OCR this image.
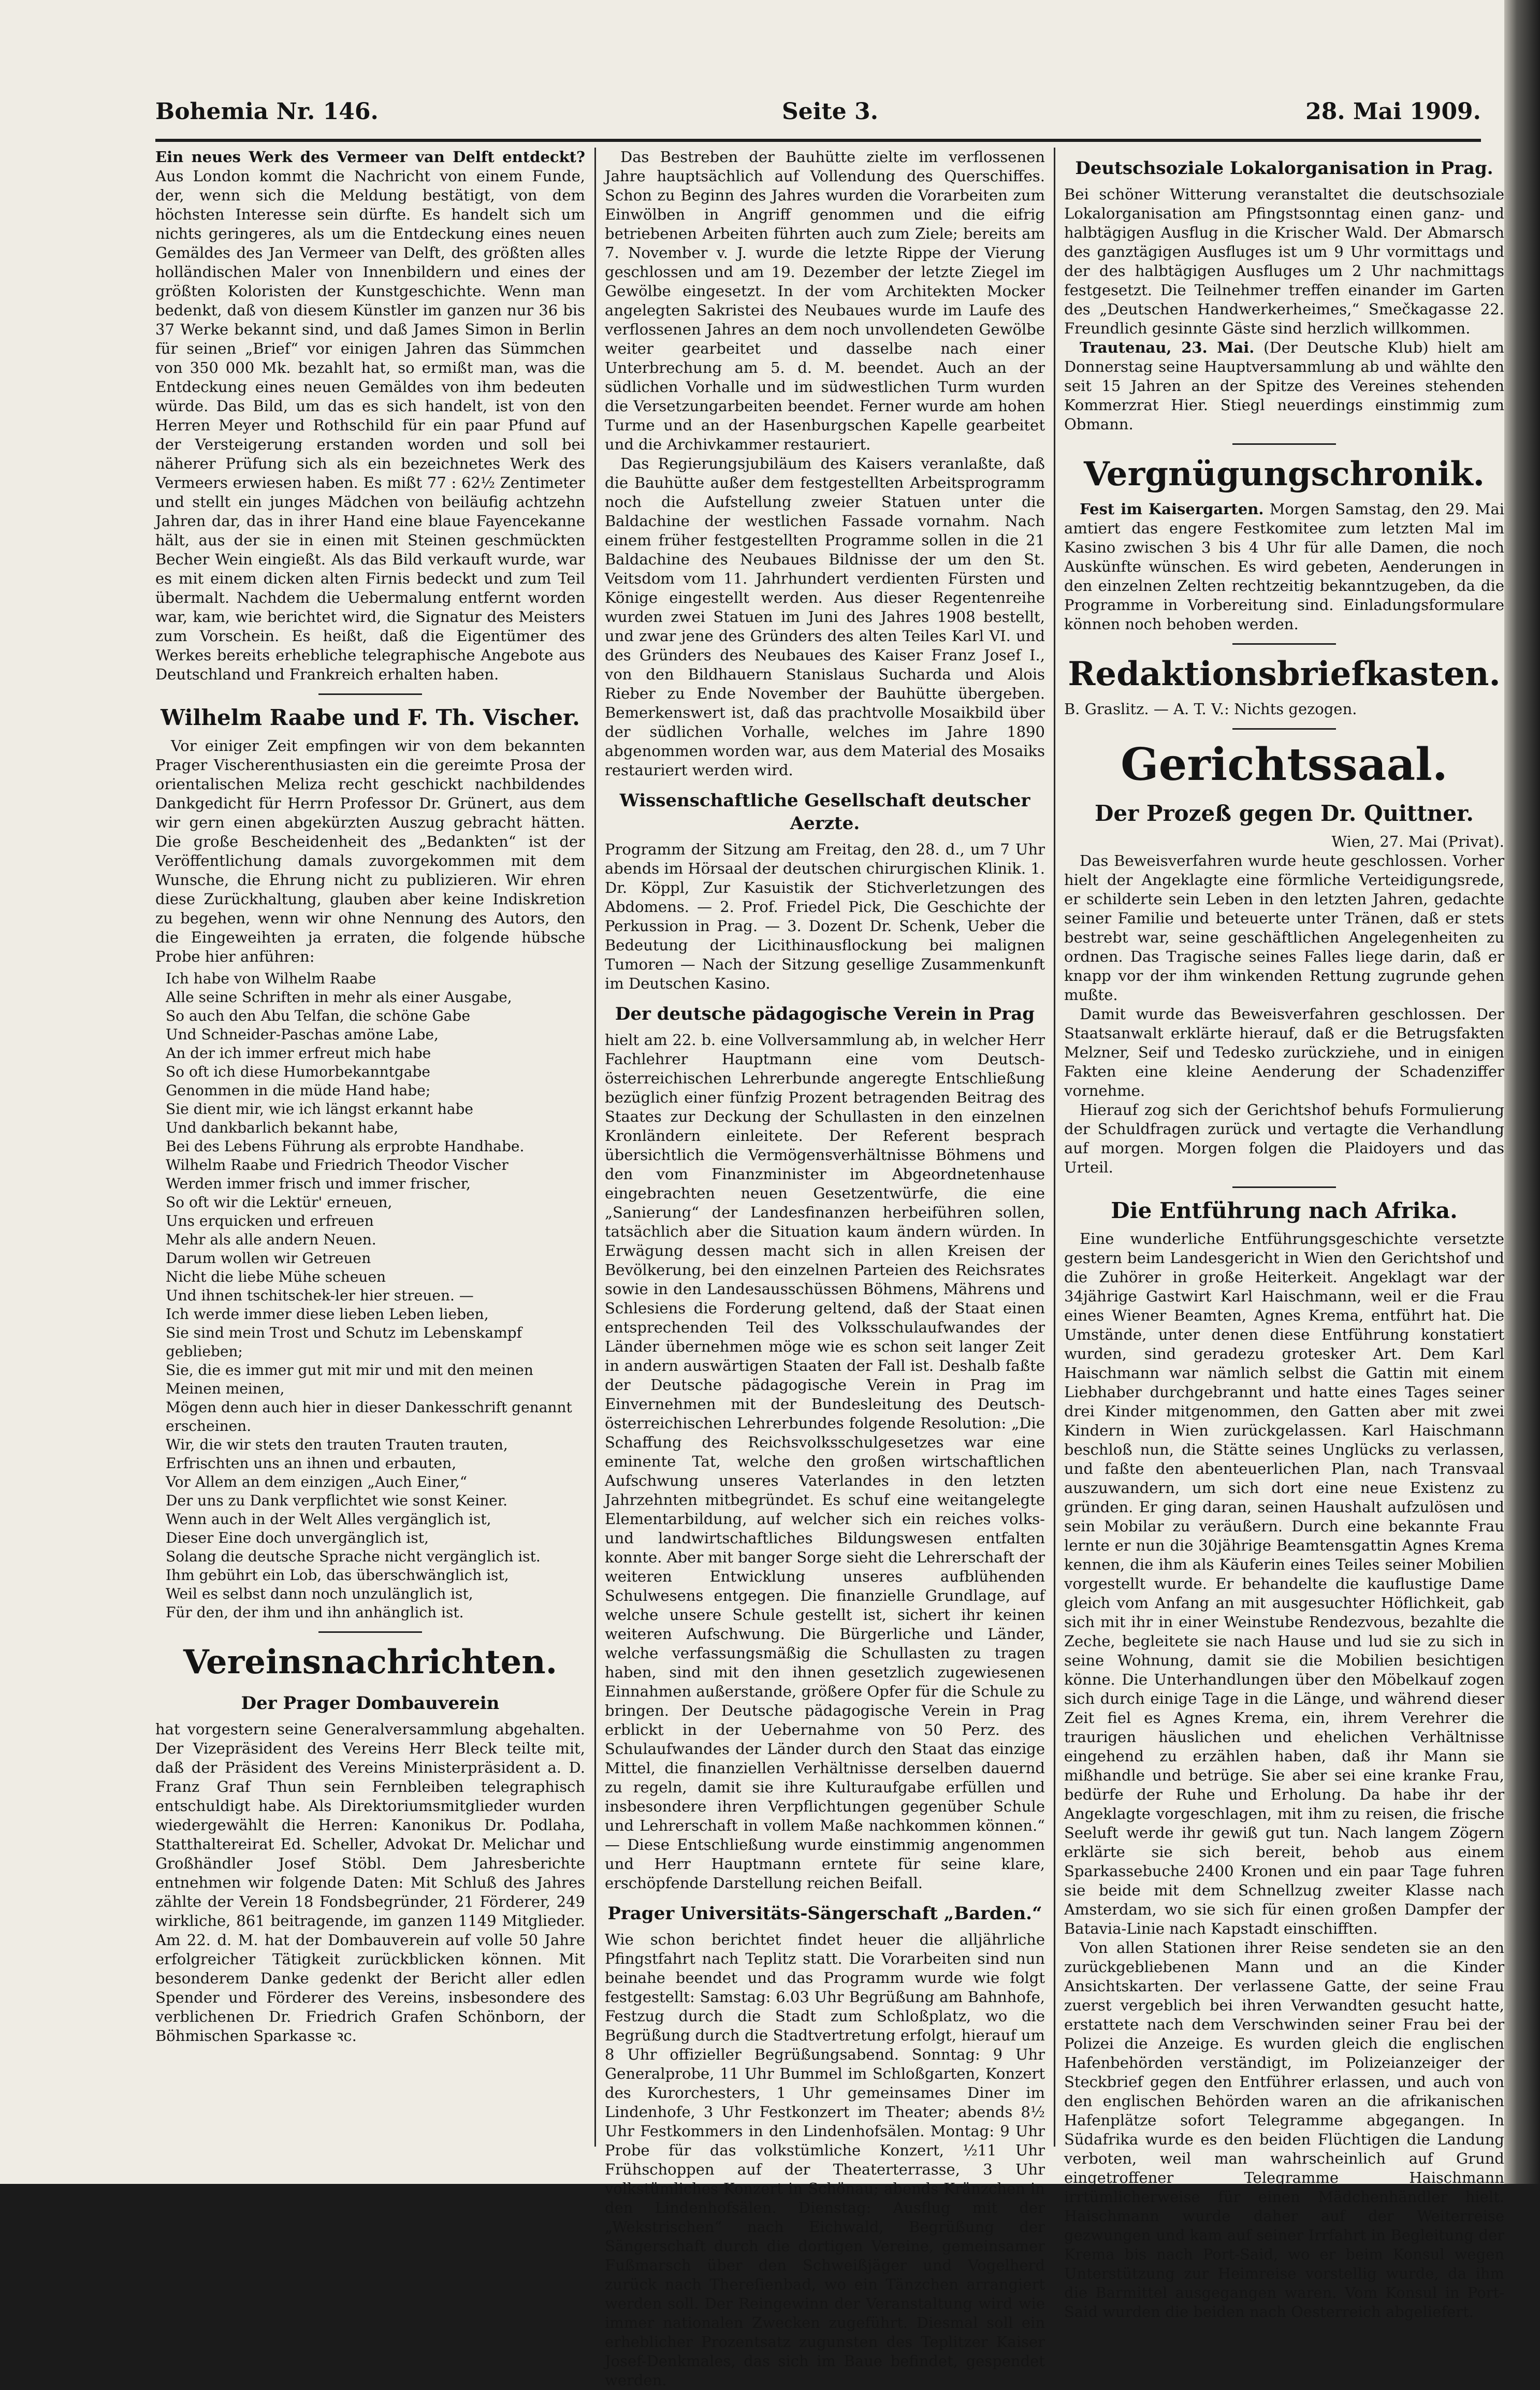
Bohemia Nr. 146.	Seite 3.	28. Mai 1909.

Ein neues Werk des Vermeer van Delft entdeckt? Aus London kommt die Nachricht von einem Funde, der, wenn sich die Meldung bestätigt, von dem höchsten Interesse sein dürfte. Es handelt sich um nichts geringeres, als um die Entdeckung eines neuen Gemäldes des Jan Vermeer van Delft, des größten alles holländischen Maler von Innenbildern und eines der größten Koloristen der Kunstgeschichte. Wenn man bedenkt, daß von diesem Künstler im ganzen nur 36 bis 37 Werke bekannt sind, und daß James Simon in Berlin für seinen „Brief“ vor einigen Jahren das Sümmchen von 350 000 Mk. bezahlt hat, so ermißt man, was die Entdeckung eines neuen Gemäldes von ihm bedeuten würde. Das Bild, um das es sich handelt, ist von den Herren Meyer und Rothschild für ein paar Pfund auf der Versteigerung erstanden worden und soll bei näherer Prüfung sich als ein bezeichnetes Werk des Vermeers erwiesen haben. Es mißt 77 : 62½ Zentimeter und stellt ein junges Mädchen von beiläufig achtzehn Jahren dar, das in ihrer Hand eine blaue Fayencekanne hält, aus der sie in einen mit Steinen geschmückten Becher Wein eingießt. Als das Bild verkauft wurde, war es mit einem dicken alten Firnis bedeckt und zum Teil übermalt. Nachdem die Uebermalung entfernt worden war, kam, wie berichtet wird, die Signatur des Meisters zum Vorschein. Es heißt, daß die Eigentümer des Werkes bereits erhebliche telegraphische Angebote aus Deutschland und Frankreich erhalten haben.

Wilhelm Raabe und F. Th. Vischer.

Vor einiger Zeit empfingen wir von dem bekannten Prager Vischerenthusiasten ein die gereimte Prosa der orientalischen Meliza recht geschickt nachbildendes Dankgedicht für Herrn Professor Dr. Grünert, aus dem wir gern einen abgekürzten Auszug gebracht hätten. Die große Bescheidenheit des „Bedankten“ ist der Veröffentlichung damals zuvorgekommen mit dem Wunsche, die Ehrung nicht zu publizieren. Wir ehren diese Zurückhaltung, glauben aber keine Indiskretion zu begehen, wenn wir ohne Nennung des Autors, den die Eingeweihten ja erraten, die folgende hübsche Probe hier anführen:

Ich habe von Wilhelm Raabe
Alle seine Schriften in mehr als einer Ausgabe,
So auch den Abu Telfan, die schöne Gabe
Und Schneider-Paschas amöne Labe,
An der ich immer erfreut mich habe
So oft ich diese Humorbekanntgabe
Genommen in die müde Hand habe;
Sie dient mir, wie ich längst erkannt habe
Und dankbarlich bekannt habe,
Bei des Lebens Führung als erprobte Handhabe.
Wilhelm Raabe und Friedrich Theodor Vischer
Werden immer frisch und immer frischer,
So oft wir die Lektür' erneuen,
Uns erquicken und erfreuen
Mehr als alle andern Neuen.
Darum wollen wir Getreuen
Nicht die liebe Mühe scheuen
Und ihnen tschitschek-ler hier streuen. —
Ich werde immer diese lieben Leben lieben,
Sie sind mein Trost und Schutz im Lebenskampf
geblieben;
Sie, die es immer gut mit mir und mit den meinen
Meinen meinen,
Mögen denn auch hier in dieser Dankesschrift genannt
erscheinen.
Wir, die wir stets den trauten Trauten trauten,
Erfrischten uns an ihnen und erbauten,
Vor Allem an dem einzigen „Auch Einer,“
Der uns zu Dank verpflichtet wie sonst Keiner.
Wenn auch in der Welt Alles vergänglich ist,
Dieser Eine doch unvergänglich ist,
Solang die deutsche Sprache nicht vergänglich ist.
Ihm gebührt ein Lob, das überschwänglich ist,
Weil es selbst dann noch unzulänglich ist,
Für den, der ihm und ihn anhänglich ist.
Vereinsnachrichten.
Der Prager Dombauverein

hat vorgestern seine Generalversammlung abgehalten. Der Vizepräsident des Vereins Herr Bleck teilte mit, daß der Präsident des Vereins Ministerpräsident a. D. Franz Graf Thun sein Fernbleiben telegraphisch entschuldigt habe. Als Direktoriumsmitglieder wurden wiedergewählt die Herren: Kanonikus Dr. Podlaha, Statthaltereirat Ed. Scheller, Advokat Dr. Melichar und Großhändler Josef Stöbl. Dem Jahresberichte entnehmen wir folgende Daten: Mit Schluß des Jahres zählte der Verein 18 Fondsbegründer, 21 Förderer, 249 wirkliche, 861 beitragende, im ganzen 1149 Mitglieder. Am 22. d. M. hat der Dombauverein auf volle 50 Jahre erfolgreicher Tätigkeit zurückblicken können. Mit besonderem Danke gedenkt der Bericht aller edlen Spender und Förderer des Vereins, insbesondere des verblichenen Dr. Friedrich Grafen Schönborn, der Böhmischen Sparkasse ꝛc.

Das Bestreben der Bauhütte zielte im verflossenen Jahre hauptsächlich auf Vollendung des Querschiffes. Schon zu Beginn des Jahres wurden die Vorarbeiten zum Einwölben in Angriff genommen und die eifrig betriebenen Arbeiten führten auch zum Ziele; bereits am 7. November v. J. wurde die letzte Rippe der Vierung geschlossen und am 19. Dezember der letzte Ziegel im Gewölbe eingesetzt. In der vom Architekten Mocker angelegten Sakristei des Neubaues wurde im Laufe des verflossenen Jahres an dem noch unvollendeten Gewölbe weiter gearbeitet und dasselbe nach einer Unterbrechung am 5. d. M. beendet. Auch an der südlichen Vorhalle und im südwestlichen Turm wurden die Versetzungarbeiten beendet. Ferner wurde am hohen Turme und an der Hasenburgschen Kapelle gearbeitet und die Archivkammer restauriert.

Das Regierungsjubiläum des Kaisers veranlaßte, daß die Bauhütte außer dem festgestellten Arbeitsprogramm noch die Aufstellung zweier Statuen unter die Baldachine der westlichen Fassade vornahm. Nach einem früher festgestellten Programme sollen in die 21 Baldachine des Neubaues Bildnisse der um den St. Veitsdom vom 11. Jahrhundert verdienten Fürsten und Könige eingestellt werden. Aus dieser Regentenreihe wurden zwei Statuen im Juni des Jahres 1908 bestellt, und zwar jene des Gründers des alten Teiles Karl VI. und des Gründers des Neubaues des Kaiser Franz Josef I., von den Bildhauern Stanislaus Sucharda und Alois Rieber zu Ende November der Bauhütte übergeben. Bemerkenswert ist, daß das prachtvolle Mosaikbild über der südlichen Vorhalle, welches im Jahre 1890 abgenommen worden war, aus dem Material des Mosaiks restauriert werden wird.

Wissenschaftliche Gesellschaft deutscher Aerzte.

Programm der Sitzung am Freitag, den 28. d., um 7 Uhr abends im Hörsaal der deutschen chirurgischen Klinik. 1. Dr. Köppl, Zur Kasuistik der Stichverletzungen des Abdomens. — 2. Prof. Friedel Pick, Die Geschichte der Perkussion in Prag. — 3. Dozent Dr. Schenk, Ueber die Bedeutung der Licithinausflockung bei malignen Tumoren — Nach der Sitzung gesellige Zusammenkunft im Deutschen Kasino.

Der deutsche pädagogische Verein in Prag

hielt am 22. b. eine Vollversammlung ab, in welcher Herr Fachlehrer Hauptmann eine vom Deutsch-österreichischen Lehrerbunde angeregte Entschließung bezüglich einer fünfzig Prozent betragenden Beitrag des Staates zur Deckung der Schullasten in den einzelnen Kronländern einleitete. Der Referent besprach übersichtlich die Vermögensverhältnisse Böhmens und den vom Finanzminister im Abgeordnetenhause eingebrachten neuen Gesetzentwürfe, die eine „Sanierung“ der Landesfinanzen herbeiführen sollen, tatsächlich aber die Situation kaum ändern würden. In Erwägung dessen macht sich in allen Kreisen der Bevölkerung, bei den einzelnen Parteien des Reichsrates sowie in den Landesausschüssen Böhmens, Mährens und Schlesiens die Forderung geltend, daß der Staat einen entsprechenden Teil des Volksschulaufwandes der Länder übernehmen möge wie es schon seit langer Zeit in andern auswärtigen Staaten der Fall ist. Deshalb faßte der Deutsche pädagogische Verein in Prag im Einvernehmen mit der Bundesleitung des Deutsch-österreichischen Lehrerbundes folgende Resolution: „Die Schaffung des Reichsvolksschulgesetzes war eine eminente Tat, welche den großen wirtschaftlichen Aufschwung unseres Vaterlandes in den letzten Jahrzehnten mitbegründet. Es schuf eine weitangelegte Elementarbildung, auf welcher sich ein reiches volks- und landwirtschaftliches Bildungswesen entfalten konnte. Aber mit banger Sorge sieht die Lehrerschaft der weiteren Entwicklung unseres aufblühenden Schulwesens entgegen. Die finanzielle Grundlage, auf welche unsere Schule gestellt ist, sichert ihr keinen weiteren Aufschwung. Die Bürgerliche und Länder, welche verfassungsmäßig die Schullasten zu tragen haben, sind mit den ihnen gesetzlich zugewiesenen Einnahmen außerstande, größere Opfer für die Schule zu bringen. Der Deutsche pädagogische Verein in Prag erblickt in der Uebernahme von 50 Perz. des Schulaufwandes der Länder durch den Staat das einzige Mittel, die finanziellen Verhältnisse derselben dauernd zu regeln, damit sie ihre Kulturaufgabe erfüllen und insbesondere ihren Verpflichtungen gegenüber Schule und Lehrerschaft in vollem Maße nachkommen können.“ — Diese Entschließung wurde einstimmig angenommen und Herr Hauptmann erntete für seine klare, erschöpfende Darstellung reichen Beifall.

Prager Universitäts-Sängerschaft „Barden.“

Wie schon berichtet findet heuer die alljährliche Pfingstfahrt nach Teplitz statt. Die Vorarbeiten sind nun beinahe beendet und das Programm wurde wie folgt festgestellt: Samstag: 6.03 Uhr Begrüßung am Bahnhofe, Festzug durch die Stadt zum Schloßplatz, wo die Begrüßung durch die Stadtvertretung erfolgt, hierauf um 8 Uhr offizieller Begrüßungsabend. Sonntag: 9 Uhr Generalprobe, 11 Uhr Bummel im Schloßgarten, Konzert des Kurorchesters, 1 Uhr gemeinsames Diner im Lindenhofe, 3 Uhr Festkonzert im Theater; abends 8½ Uhr Festkommers in den Lindenhofsälen. Montag: 9 Uhr Probe für das volkstümliche Konzert, ½11 Uhr Frühschoppen auf der Theaterterrasse, 3 Uhr volkstümliches Konzert in Schönau; abends Kränzchen in den Lindenhofsälen. Dienstag: Ausflug mit der „Wekstrischen“ nach Eichwald, Begrüßung der Sängerschaft durch die dortigen Vereine, gemeinsamer Fußmarsch über den Schweißjäger und Vogelherd zurück nach Thereſienbad, wo ein Tänzchen arrangiert werden soll. Der Reingewinn der Veranstaltung wird wie immer nationalen Zwecken zugeführt. Diesmal soll ein erheblicher Prozentsatz zugunsten des Teplitzer Kaiser Josef-Denkmales, das sich im Baue befindet, gespendet werden.

Deutschsoziale Lokalorganisation in Prag.

Bei schöner Witterung veranstaltet die deutschsoziale Lokalorganisation am Pfingstsonntag einen ganz- und halbtägigen Ausflug in die Krischer Wald. Der Abmarsch des ganztägigen Ausfluges ist um 9 Uhr vormittags und der des halbtägigen Ausfluges um 2 Uhr nachmittags festgesetzt. Die Teilnehmer treffen einander im Garten des „Deutschen Handwerkerheimes,“ Smečkagasse 22. Freundlich gesinnte Gäste sind herzlich willkommen.

Trautenau, 23. Mai. (Der Deutsche Klub) hielt am Donnerstag seine Hauptversammlung ab und wählte den seit 15 Jahren an der Spitze des Vereines stehenden Kommerzrat Hier. Stiegl neuerdings einstimmig zum Obmann.

Vergnügungschronik.

Fest im Kaisergarten. Morgen Samstag, den 29. Mai amtiert das engere Festkomitee zum letzten Mal im Kasino zwischen 3 bis 4 Uhr für alle Damen, die noch Auskünfte wünschen. Es wird gebeten, Aenderungen in den einzelnen Zelten rechtzeitig bekanntzugeben, da die Programme in Vorbereitung sind. Einladungsformulare können noch behoben werden.

Redaktionsbriefkasten.

B. Graslitz. — A. T. V.: Nichts gezogen.

Gerichtssaal.
Der Prozeß gegen Dr. Quittner.

Wien, 27. Mai (Privat).

Das Beweisverfahren wurde heute geschlossen. Vorher hielt der Angeklagte eine förmliche Verteidigungsrede, er schilderte sein Leben in den letzten Jahren, gedachte seiner Familie und beteuerte unter Tränen, daß er stets bestrebt war, seine geschäftlichen Angelegenheiten zu ordnen. Das Tragische seines Falles liege darin, daß er knapp vor der ihm winkenden Rettung zugrunde gehen mußte.

Damit wurde das Beweisverfahren geschlossen. Der Staatsanwalt erklärte hierauf, daß er die Betrugsfakten Melzner, Seif und Tedesko zurückziehe, und in einigen Fakten eine kleine Aenderung der Schadenziffer vornehme.

Hierauf zog sich der Gerichtshof behufs Formulierung der Schuldfragen zurück und vertagte die Verhandlung auf morgen. Morgen folgen die Plaidoyers und das Urteil.

Die Entführung nach Afrika.

Eine wunderliche Entführungsgeschichte versetzte gestern beim Landesgericht in Wien den Gerichtshof und die Zuhörer in große Heiterkeit. Angeklagt war der 34jährige Gastwirt Karl Haischmann, weil er die Frau eines Wiener Beamten, Agnes Krema, entführt hat. Die Umstände, unter denen diese Entführung konstatiert wurden, sind geradezu grotesker Art. Dem Karl Haischmann war nämlich selbst die Gattin mit einem Liebhaber durchgebrannt und hatte eines Tages seiner drei Kinder mitgenommen, den Gatten aber mit zwei Kindern in Wien zurückgelassen. Karl Haischmann beschloß nun, die Stätte seines Unglücks zu verlassen, und faßte den abenteuerlichen Plan, nach Transvaal auszuwandern, um sich dort eine neue Existenz zu gründen. Er ging daran, seinen Haushalt aufzulösen und sein Mobilar zu veräußern. Durch eine bekannte Frau lernte er nun die 30jährige Beamtensgattin Agnes Krema kennen, die ihm als Käuferin eines Teiles seiner Mobilien vorgestellt wurde. Er behandelte die kauflustige Dame gleich vom Anfang an mit ausgesuchter Höflichkeit, gab sich mit ihr in einer Weinstube Rendezvous, bezahlte die Zeche, begleitete sie nach Hause und lud sie zu sich in seine Wohnung, damit sie die Mobilien besichtigen könne. Die Unterhandlungen über den Möbelkauf zogen sich durch einige Tage in die Länge, und während dieser Zeit fiel es Agnes Krema, ein, ihrem Verehrer die traurigen häuslichen und ehelichen Verhältnisse eingehend zu erzählen haben, daß ihr Mann sie mißhandle und betrüge. Sie aber sei eine kranke Frau, bedürfe der Ruhe und Erholung. Da habe ihr der Angeklagte vorgeschlagen, mit ihm zu reisen, die frische Seeluft werde ihr gewiß gut tun. Nach langem Zögern erklärte sie sich bereit, behob aus einem Sparkassebuche 2400 Kronen und ein paar Tage fuhren sie beide mit dem Schnellzug zweiter Klasse nach Amsterdam, wo sie sich für einen großen Dampfer der Batavia-Linie nach Kapstadt einschifften.

Von allen Stationen ihrer Reise sendeten sie an den zurückgebliebenen Mann und an die Kinder Ansichtskarten. Der verlassene Gatte, der seine Frau zuerst vergeblich bei ihren Verwandten gesucht hatte, erstattete nach dem Verschwinden seiner Frau bei der Polizei die Anzeige. Es wurden gleich die englischen Hafenbehörden verständigt, im Polizeianzeiger der Steckbrief gegen den Entführer erlassen, und auch von den englischen Behörden waren an die afrikanischen Hafenplätze sofort Telegramme abgegangen. In Südafrika wurde es den beiden Flüchtigen die Landung verboten, weil man wahrscheinlich auf Grund eingetroffener Telegramme Haischmann irrtümlicherweise für einen Mädchenhändler hielt. Haischmann wurde daher auf der Weiterreise gezwungen und kam auf seiner Irrfahrt in Begleitung der Krema bis nach Port-Said, wo er beim Konsul wegen Unterstützung zur Heimreise vorstellig wurde, da ihm die Barmittel ausgegangen waren. Vom Konsul in Port-Said wurden die beiden nach Oesterreich abgeliefert.
